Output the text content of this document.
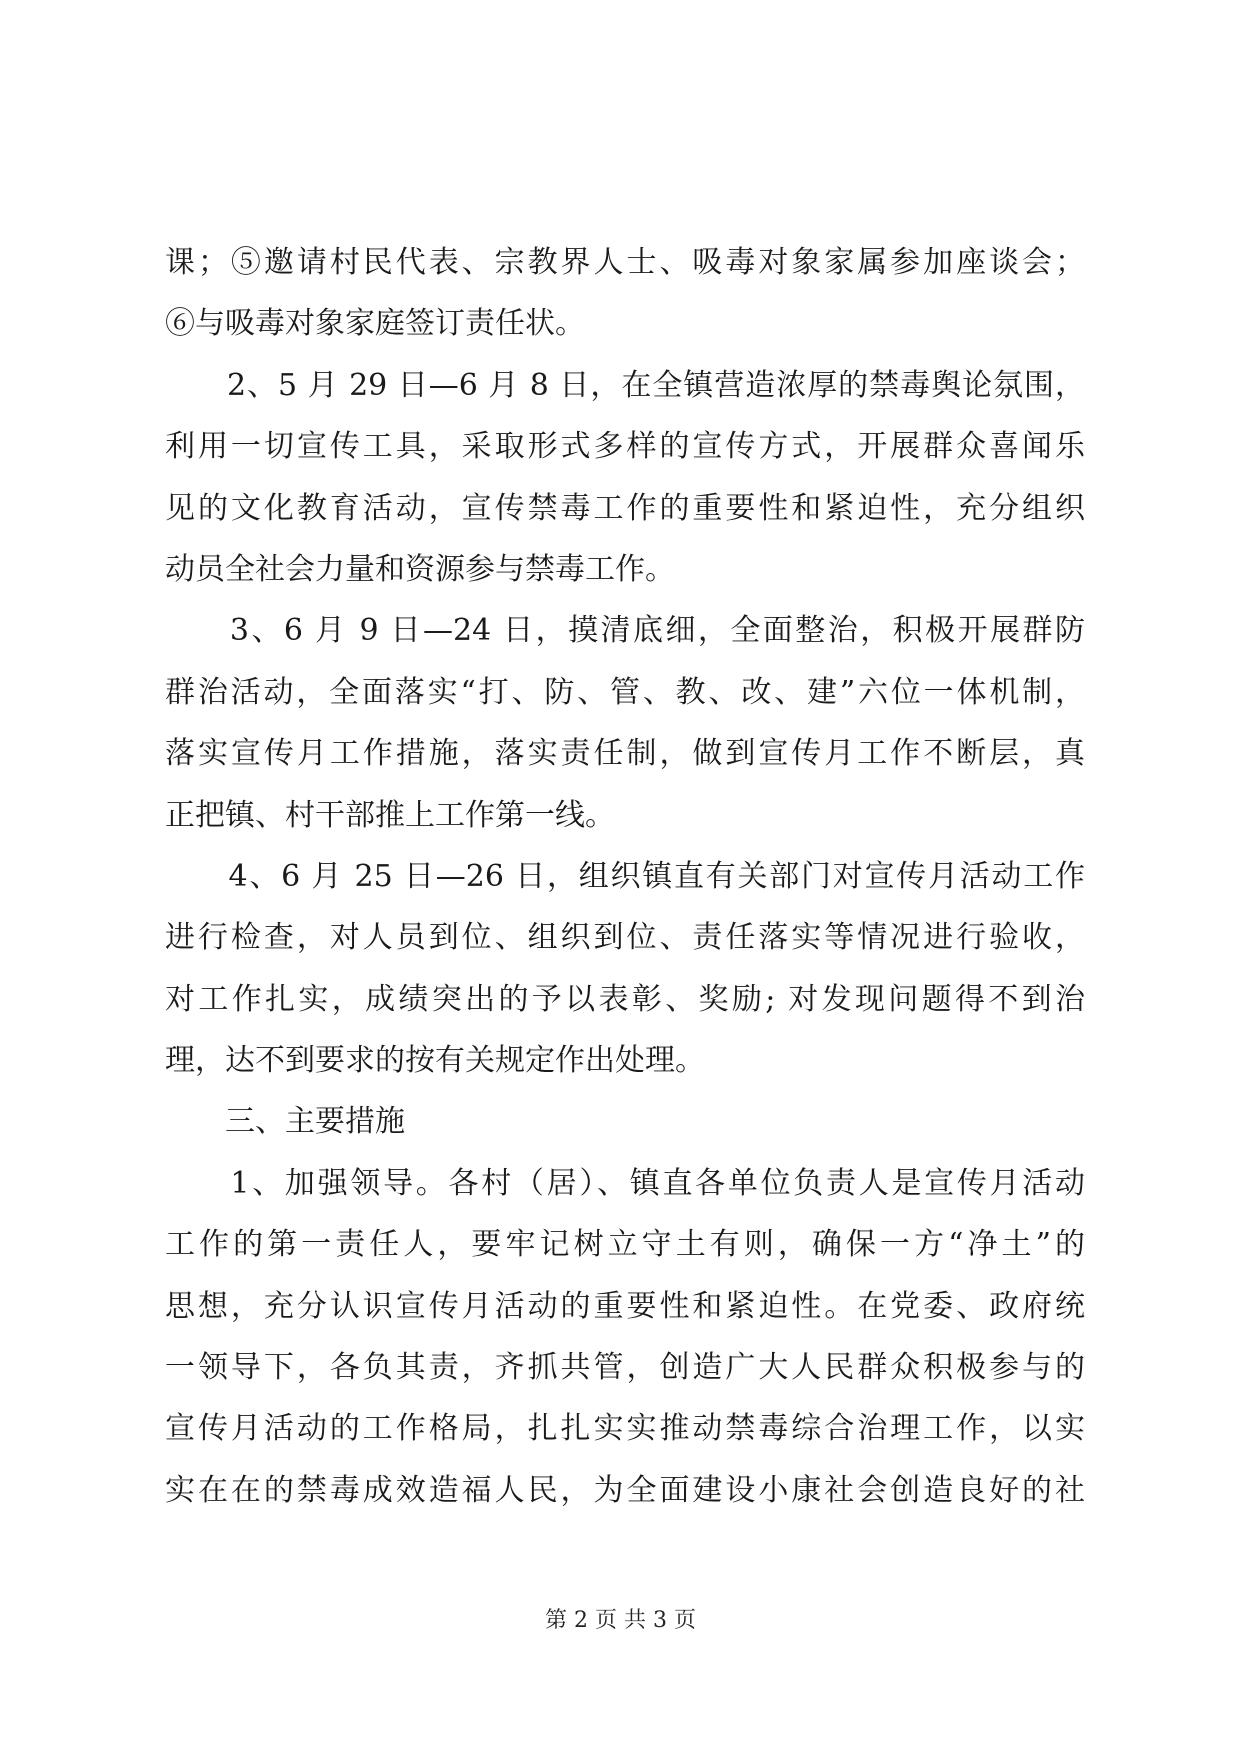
课；⑤邀请村民代表、宗教界人士、吸毒对象家属参加座谈会；
⑥与吸毒对象家庭签订责任状。
　　2、5 月 29 日—6 月 8 日，在全镇营造浓厚的禁毒舆论氛围，
利用一切宣传工具，采取形式多样的宣传方式，开展群众喜闻乐
见的文化教育活动，宣传禁毒工作的重要性和紧迫性，充分组织
动员全社会力量和资源参与禁毒工作。
　　3、6 月 9 日—24 日，摸清底细，全面整治，积极开展群防
群治活动，全面落实“打、防、管、教、改、建”六位一体机制，
落实宣传月工作措施，落实责任制，做到宣传月工作不断层，真
正把镇、村干部推上工作第一线。
　　4、6 月 25 日—26 日，组织镇直有关部门对宣传月活动工作
进行检查，对人员到位、组织到位、责任落实等情况进行验收，
对工作扎实，成绩突出的予以表彰、奖励; 对发现问题得不到治
理，达不到要求的按有关规定作出处理。
　　三、主要措施
　　1、加强领导。各村（居）、镇直各单位负责人是宣传月活动
工作的第一责任人，要牢记树立守土有则，确保一方“净土”的
思想，充分认识宣传月活动的重要性和紧迫性。在党委、政府统
一领导下，各负其责，齐抓共管，创造广大人民群众积极参与的
宣传月活动的工作格局，扎扎实实推动禁毒综合治理工作，以实
实在在的禁毒成效造福人民，为全面建设小康社会创造良好的社
第 2 页 共 3 页
